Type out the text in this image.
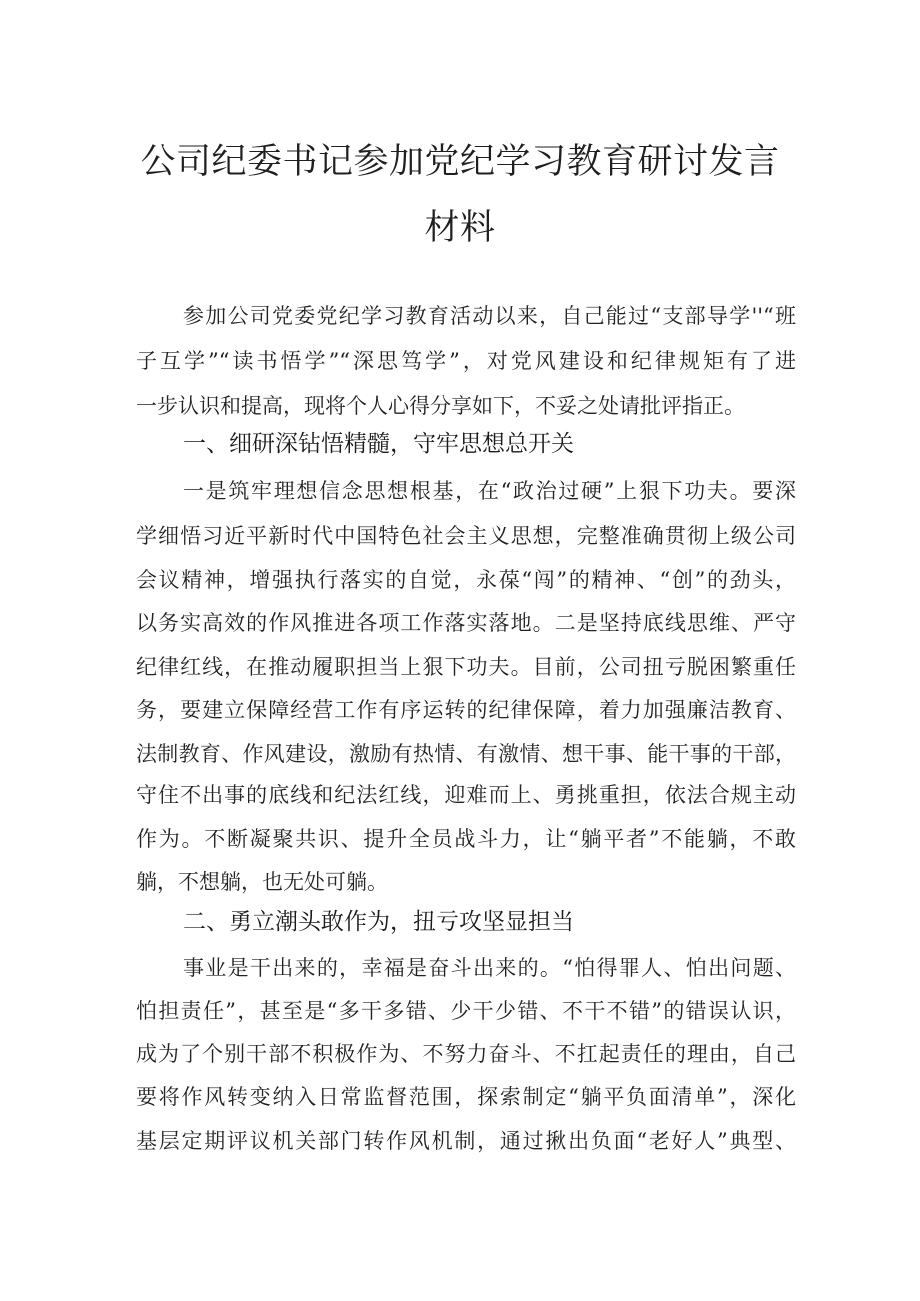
公司纪委书记参加党纪学习教育研讨发言
材料
参加公司党委党纪学习教育活动以来，自己能过“支部导学''“班
子互学”“读书悟学”“深思笃学”，对党风建设和纪律规矩有了进
一步认识和提高，现将个人心得分享如下，不妥之处请批评指正。
一、细研深钻悟精髓，守牢思想总开关
一是筑牢理想信念思想根基，在“政治过硬”上狠下功夫。要深
学细悟习近平新时代中国特色社会主义思想，完整准确贯彻上级公司
会议精神，增强执行落实的自觉，永葆“闯”的精神、“创”的劲头，
以务实高效的作风推进各项工作落实落地。二是坚持底线思维、严守
纪律红线，在推动履职担当上狠下功夫。目前，公司扭亏脱困繁重任
务，要建立保障经营工作有序运转的纪律保障，着力加强廉洁教育、
法制教育、作风建设，激励有热情、有激情、想干事、能干事的干部，
守住不出事的底线和纪法红线，迎难而上、勇挑重担，依法合规主动
作为。不断凝聚共识、提升全员战斗力，让“躺平者”不能躺，不敢
躺，不想躺，也无处可躺。
二、勇立潮头敢作为，扭亏攻坚显担当
事业是干出来的，幸福是奋斗出来的。“怕得罪人、怕出问题、
怕担责任”，甚至是“多干多错、少干少错、不干不错”的错误认识，
成为了个别干部不积极作为、不努力奋斗、不扛起责任的理由，自己
要将作风转变纳入日常监督范围，探索制定“躺平负面清单”，深化
基层定期评议机关部门转作风机制，通过揪出负面“老好人”典型、
